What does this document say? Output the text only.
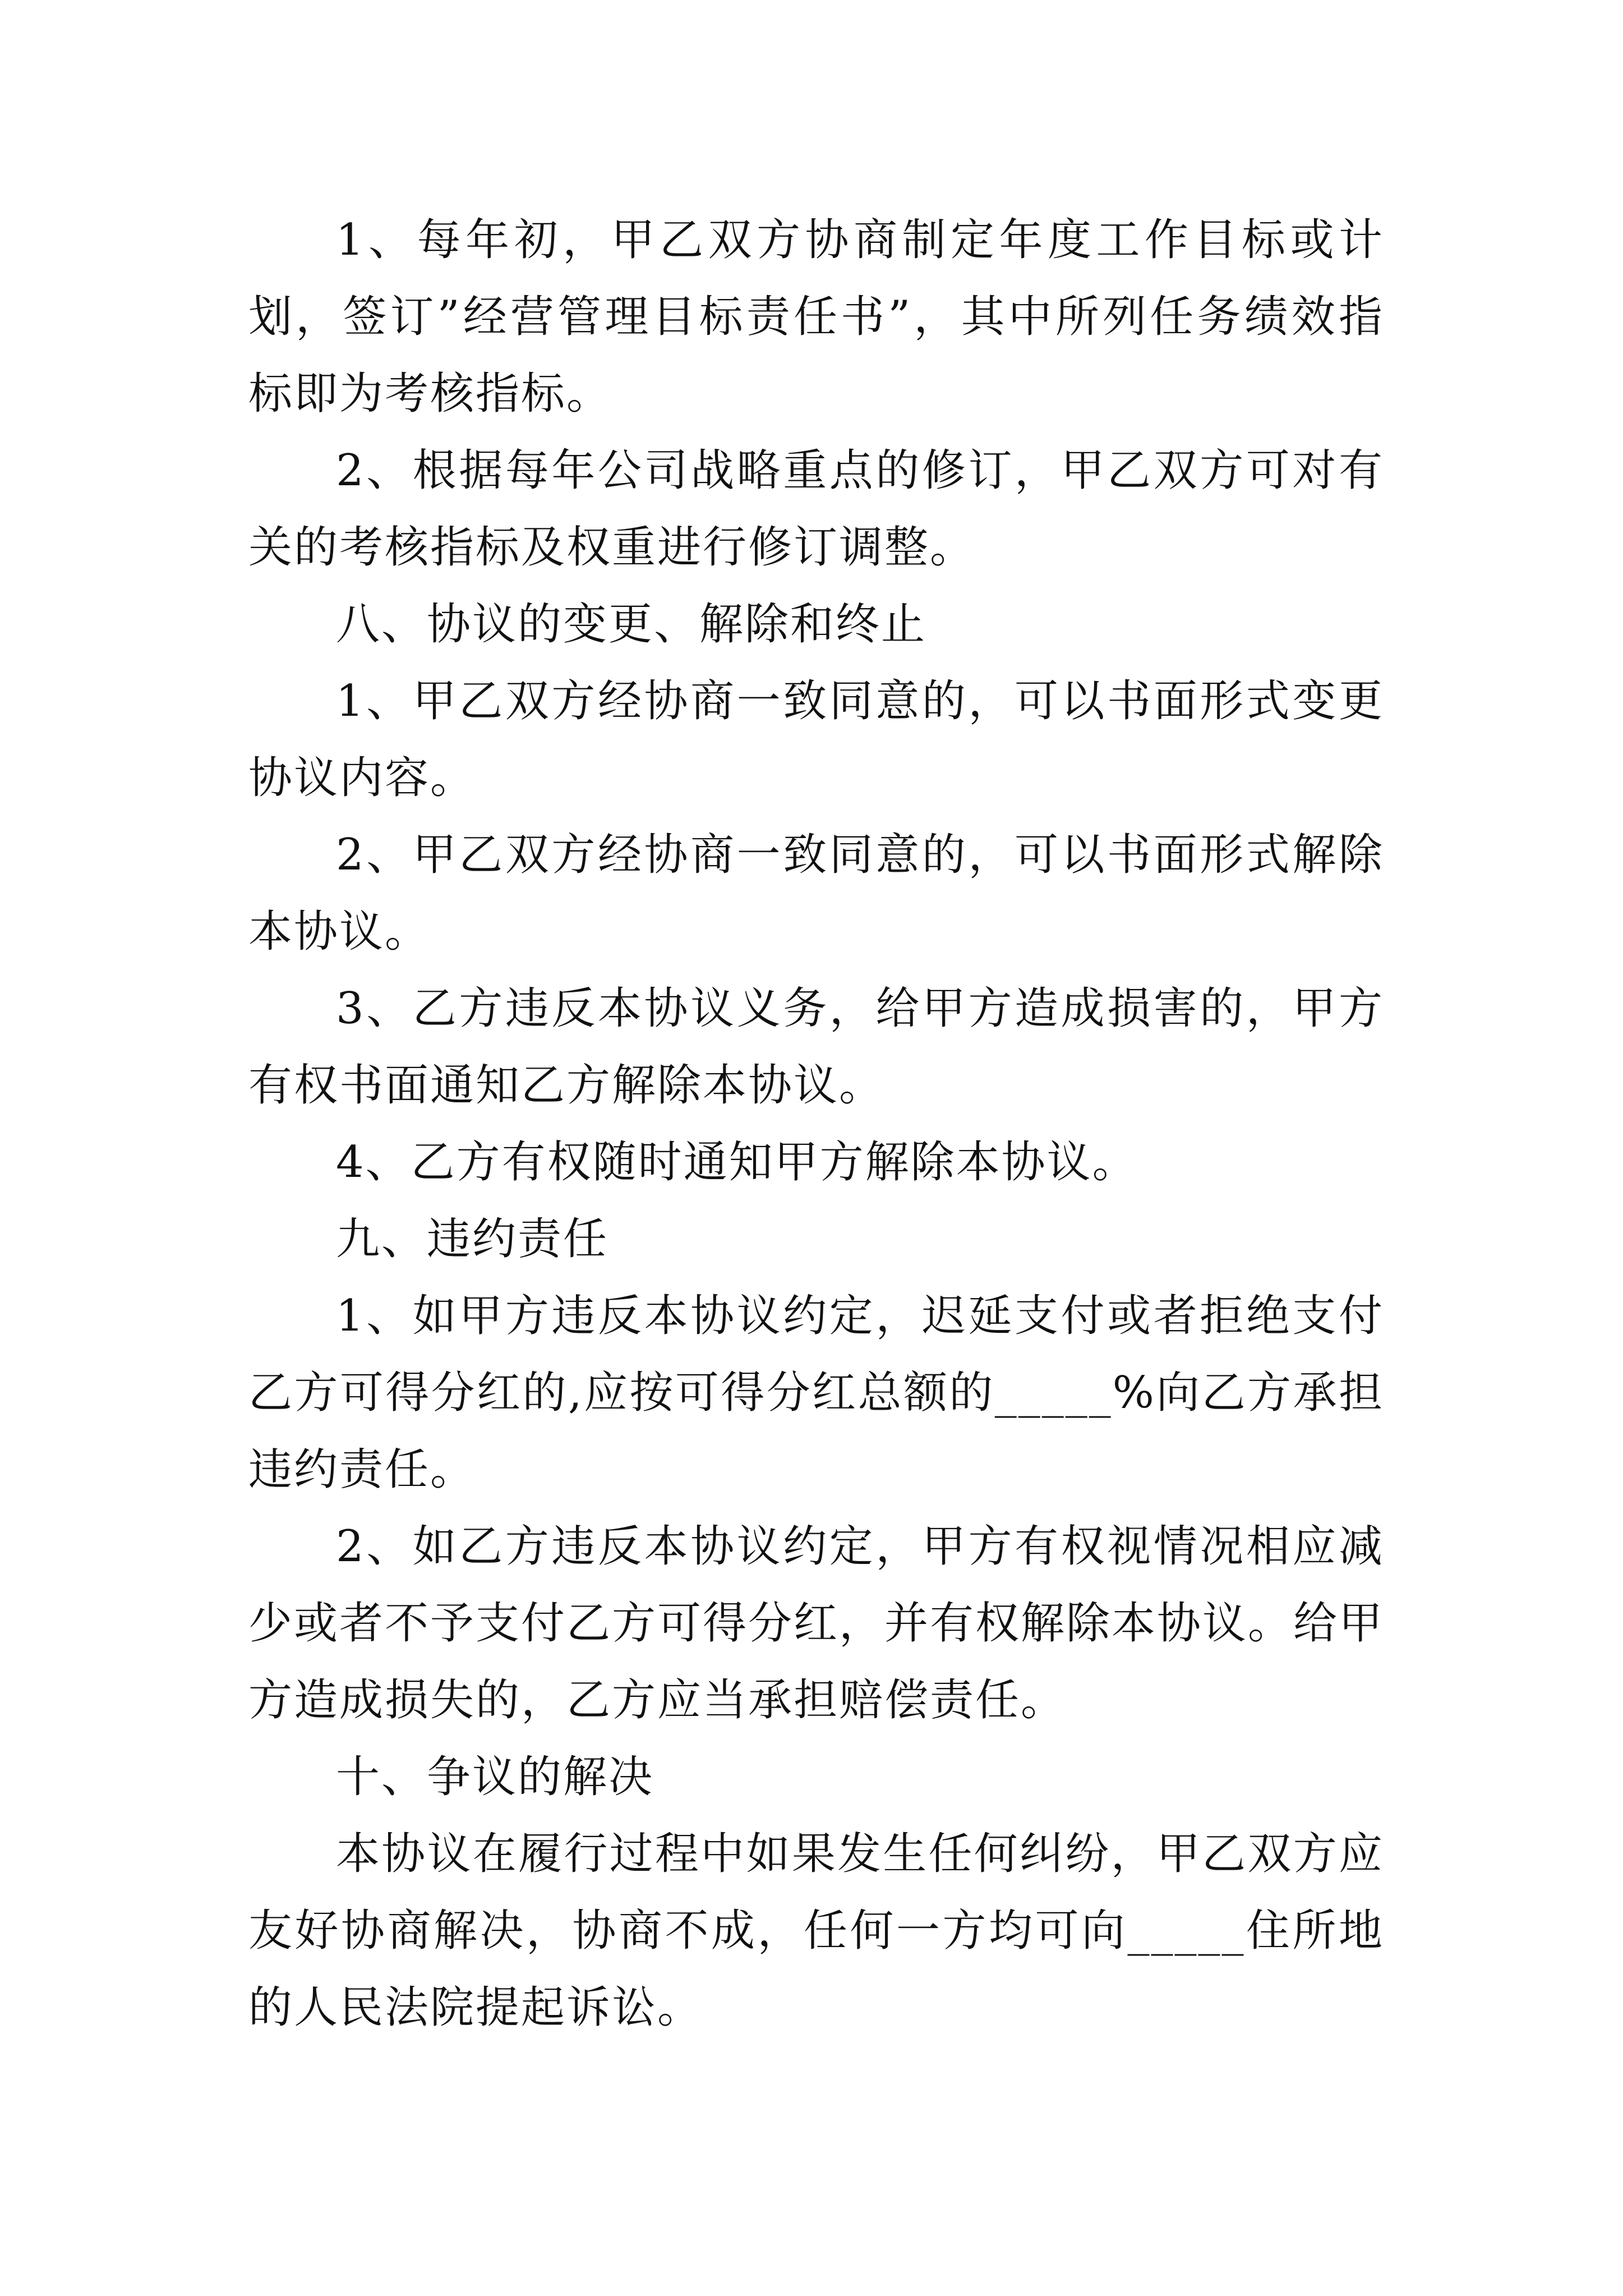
1、每年初，甲乙双方协商制定年度工作目标或计划，签订”经营管理目标责任书”，其中所列任务绩效指标即为考核指标。

2、根据每年公司战略重点的修订，甲乙双方可对有关的考核指标及权重进行修订调整。

八、协议的变更、解除和终止

1、甲乙双方经协商一致同意的，可以书面形式变更协议内容。

2、甲乙双方经协商一致同意的，可以书面形式解除本协议。

3、乙方违反本协议义务，给甲方造成损害的，甲方有权书面通知乙方解除本协议。

4、乙方有权随时通知甲方解除本协议。

九、违约责任

1、如甲方违反本协议约定，迟延支付或者拒绝支付乙方可得分红的,应按可得分红总额的_____%向乙方承担违约责任。

2、如乙方违反本协议约定，甲方有权视情况相应减少或者不予支付乙方可得分红，并有权解除本协议。给甲方造成损失的，乙方应当承担赔偿责任。

十、争议的解决

本协议在履行过程中如果发生任何纠纷，甲乙双方应友好协商解决，协商不成，任何一方均可向_____住所地的人民法院提起诉讼。
